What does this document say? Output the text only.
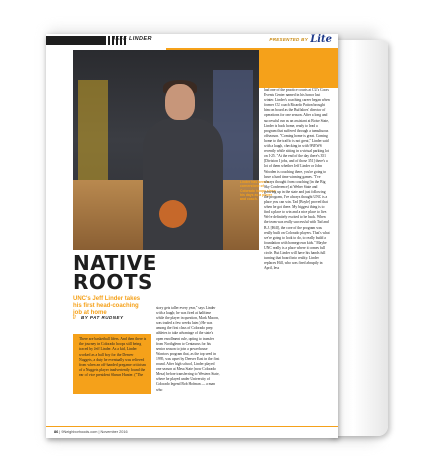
JEFF LINDER	PRESENTED BY Lite
Linder has been a cornerstone of Colorado hoops since his days as a player and coach.

had one of the practice courts at CU's Coors Events Center named in his honor last winter. Linder's coaching career began when former CU coach Ricardo Patton brought him on board as the Buffaloes' director of operations for one season. After a long and successful run as an assistant at Boise State, Linder is back home, ready to lead a program that suffered through a tumultuous offseason. "Coming home is great. Coming home to the traffic is not great," Linder said with a laugh, checking in with 9NEWS recently while sitting in a virtual parking lot on I-25. "At the end of the day there's 351 [Division I jobs, and of those 351] there's a lot of them whether Jeff Linder or John Wooden is coaching there, you're going to have a hard time winning games. "I've always thought from coaching [in the Big Sky Conference] at Weber State and growing up in the state and just following the program, I've always thought UNC is a place you can win. Tad [Boyle] proved that when he got there. My biggest thing is to find a place to win and a nice place to live. We're definitely excited to be back. When the team was really successful with Tad and B.J. [Hill], the core of the program was really built on Colorado players. That's what we're going to look to do, to really build a foundation with homegrown kids." Maybe UNC really is a place where it comes full circle. But Linder will have his hands full turning that board into reality. Linder replaces Hill, who was fired abruptly in April, less

NATIVE
ROOTS
UNC's Jeff Linder takes his first head-coaching job at home
// BY PAT RUDNEY

There are basketball lifers. And then there is the journey in Colorado hoops still being traced by Jeff Linder. As a kid, Linder worked as a ball boy for the Denver Nuggets, a duty he eventually was relieved from when an off-handed pregame criticism of a Nuggets player inadvertently found the ear of vice president Shawn Hunter. ("The

story gets taller every year," says Linder with a laugh; he was fired at halftime while the player in question, Mark Macon, was traded a few weeks later.) He was among the first class of Colorado prep athletes to take advantage of the state's open enrollment rule, opting to transfer from Northglenn to Centaurus for his senior season to join a powerhouse Warriors program that, as the top seed in 1995, was upset by Denver East in the first round. After high school, Linder played one season at Mesa State (now Colorado Mesa) before transferring to Western State, where he played under University of Colorado legend Bob Hofman — a man who

86 | 9Neighborhoods.com | November 2016
